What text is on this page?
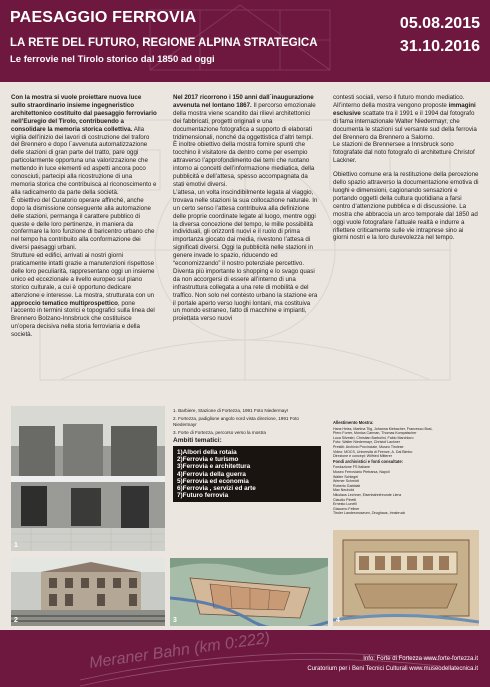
PAESAGGIO FERROVIA
LA RETE DEL FUTURO, REGIONE ALPINA STRATEGICA
Le ferrovie nel Tirolo storico dal 1850 ad oggi
05.08.2015
31.10.2016

Con la mostra si vuole proiettare nuova luce sullo straordinario insieme ingegneristico architettonico costituito dal paesaggio ferroviario nell’Euregio del Tirolo, contribuendo a consolidare la memoria storica collettiva. Alla vigilia dell’inizio dei lavori di costruzione del traforo del Brennero e dopo l´avvenuta automatizzazione delle stazioni di gran parte del tratto, pare oggi particolarmente opportuna una valorizzazione che mettendo in luce elementi ed aspetti ancora poco conosciuti, partecipi alla ricostruzione di una memoria storica che contribuisca al riconoscimento e alla radicamento da parte della società.

È obiettivo del Curatorio operare affinché, anche dopo la dismissione conseguente alla automazione delle stazioni, permanga il carattere pubblico di queste e delle loro pertinenze, in maniera da confermare la loro funzione di baricentro urbano che nel tempo ha contribuito alla conformazione dei diversi paesaggi urbani.

Strutture ed edifici, arrivati ai nostri giorni praticamente intatti grazie a manutenzioni rispettose delle loro peculiarità, rappresentano oggi un insieme unico ed eccezionale a livello europeo sul piano storico culturale, a cui è opportuno dedicare attenzione e interesse. La mostra, strutturata con un approccio tematico multiprospettico, pone l’accento in termini storici e topografici sulla linea del Brennero Bolzano-Innsbruck che costituisce un’opera decisiva nella storia ferroviaria e della società.

Nel 2017 ricorrono i 150 anni dall´inaugurazione avvenuta nel lontano 1867. Il percorso emozionale della mostra viene scandito dai rilievi architettonici dei fabbricati, progetti originali e una documentazione fotografica a supporto di elaborati tridimensionali, nonché da oggettistica d’altri tempi.

È inoltre obiettivo della mostra fornire spunti che tocchino il visitatore da dentro come per esempio attraverso l’approfondimento dei temi che ruotano intorno ai concetti dell’informazione mediatica, della pubblicità e dell’attesa, spesso accompagnata da stati emotivi diversi.

L’attesa, un volta inscindibilmente legata al viaggio, trovava nelle stazioni la sua collocazione naturale. In un certo senso l’attesa contribuiva alla definizione delle proprie coordinate legate al luogo, mentre oggi la diversa concezione del tempo, le mille possibilità individuali, gli orizzonti nuovi e il ruolo di prima importanza giocato dai media, rivestono l’attesa di significati diversi. Oggi la pubblicità nelle stazioni in genere invade lo spazio, riducendo ed “economizzando” il nostro potenziale percettivo. Diventa più importante lo shopping e lo svago quasi da non accorgersi di essere all’interno di una infrastruttura collegata a una rete di mobilità e del traffico. Non solo nel contesto urbano la stazione era il portale aperto verso luoghi lontani, ma costituiva un mondo estraneo, fatto di macchine e impianti, proiettata verso nuovi

contesti sociali, verso il futuro mondo mediatico.

All’interno della mostra vengono proposte immagini esclusive scattate tra il 1991 e il 1994 dal fotografo di fama internazionale Walter Niedermayr, che documenta le stazioni sul versante sud della ferrovia del Brennero da Brennero a Salorno.

Le stazioni de Brennersee a Innsbruck sono fotografate dal noto fotografo di architetture Christof Lackner.

Obiettivo comune era la restituzione della percezione dello spazio attraverso la documentazione emotiva di luoghi e dimensioni, cagionando sensazioni e portando oggetti della cultura quotidiana a farsi centro d’attenzione pubblica e di discussione. La mostra che abbraccia un arco temporale dal 1850 ad oggi vuole fotografare l’attuale realtà e indurre a riflettere criticamente sulle vie intraprese sino ai giorni nostri e la loro durevolezza nel tempo.

1
2	3	4
1. Barbiere, Stazione di Fortezza, 1991 Foto Niedermayr
2. Fortezza, padiglione angolo nord vista direzione, 1991 Foto Niedermayr
3. Forte di Fortezza, percorso verso la mostra
Ambiti tematici:
1)Albori della rotaia
2)Ferrovia e turismo
3)Ferrovia e architettura
4)Ferrovia della guerra
5)Ferrovia ed economia
6)Ferrovia , servizi ed arte
7)Futuro ferrovia
Allestimento Mostra:
Hans Heiss, Martina Tilg, Johanna Kiebacher, Francesco Bosi,
Piero Forrer, Monica Carman, Thomas Kompatscher
Luca Silvestri, Christian Barbolini, Fabio Marchioro
Foto: Walter Niedermayr, Christof Lackner
Prestiti: Archivio Provinciale, Museo Tirolese
Video: MOCS, Università di Firenze, A. Dal Bimbo
Direzione e concept: Wilfried Mitterer
Fondi archivistici e fonti consultate:
Fondazione FS Italiane
Museo Ferroviario Pietrarsa, Napoli
Walter Schlegel
Werner Schmidt
Roberto Gabbiati
Max Neuhold
Nikolaus Lechner, Eisenbahnfreunde Lienz
Claudio Pinetti
Ernesto Lunelli
Giacomo Fellner
Tiroler Landesmuseum, Zeughaus, Innsbruck
Meraner Bahn (km 0:222)	Info: Forte di Fortezza www.forte-fortezza.it
Curatorium per i Beni Tecnici Culturali www.museodellatecnica.it
